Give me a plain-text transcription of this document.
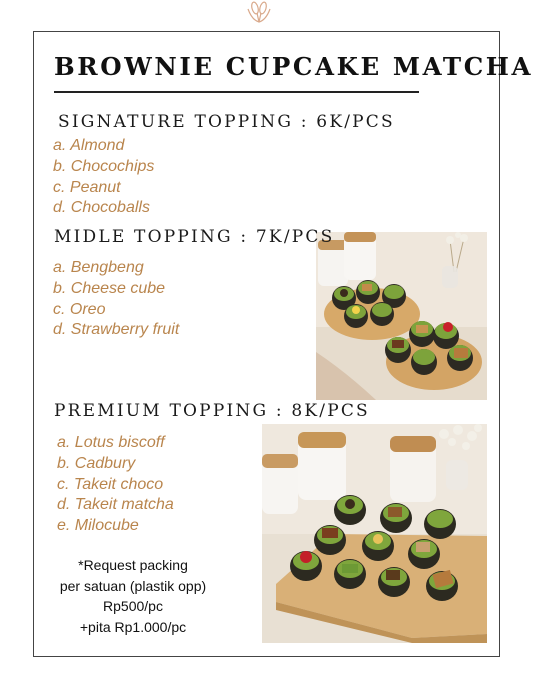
BROWNIE CUPCAKE MATCHA
SIGNATURE TOPPING : 6K/PCS
a. Almond
b. Chocochips
c. Peanut
d. Chocoballs
MIDLE TOPPING : 7K/PCS
a. Bengbeng
b. Cheese cube
c. Oreo
d. Strawberry fruit
PREMIUM TOPPING : 8K/PCS
a. Lotus biscoff
b. Cadbury
c. Takeit choco
d. Takeit matcha
e. Milocube
*Request packing
per satuan (plastik opp)
Rp500/pc
+pita Rp1.000/pc
